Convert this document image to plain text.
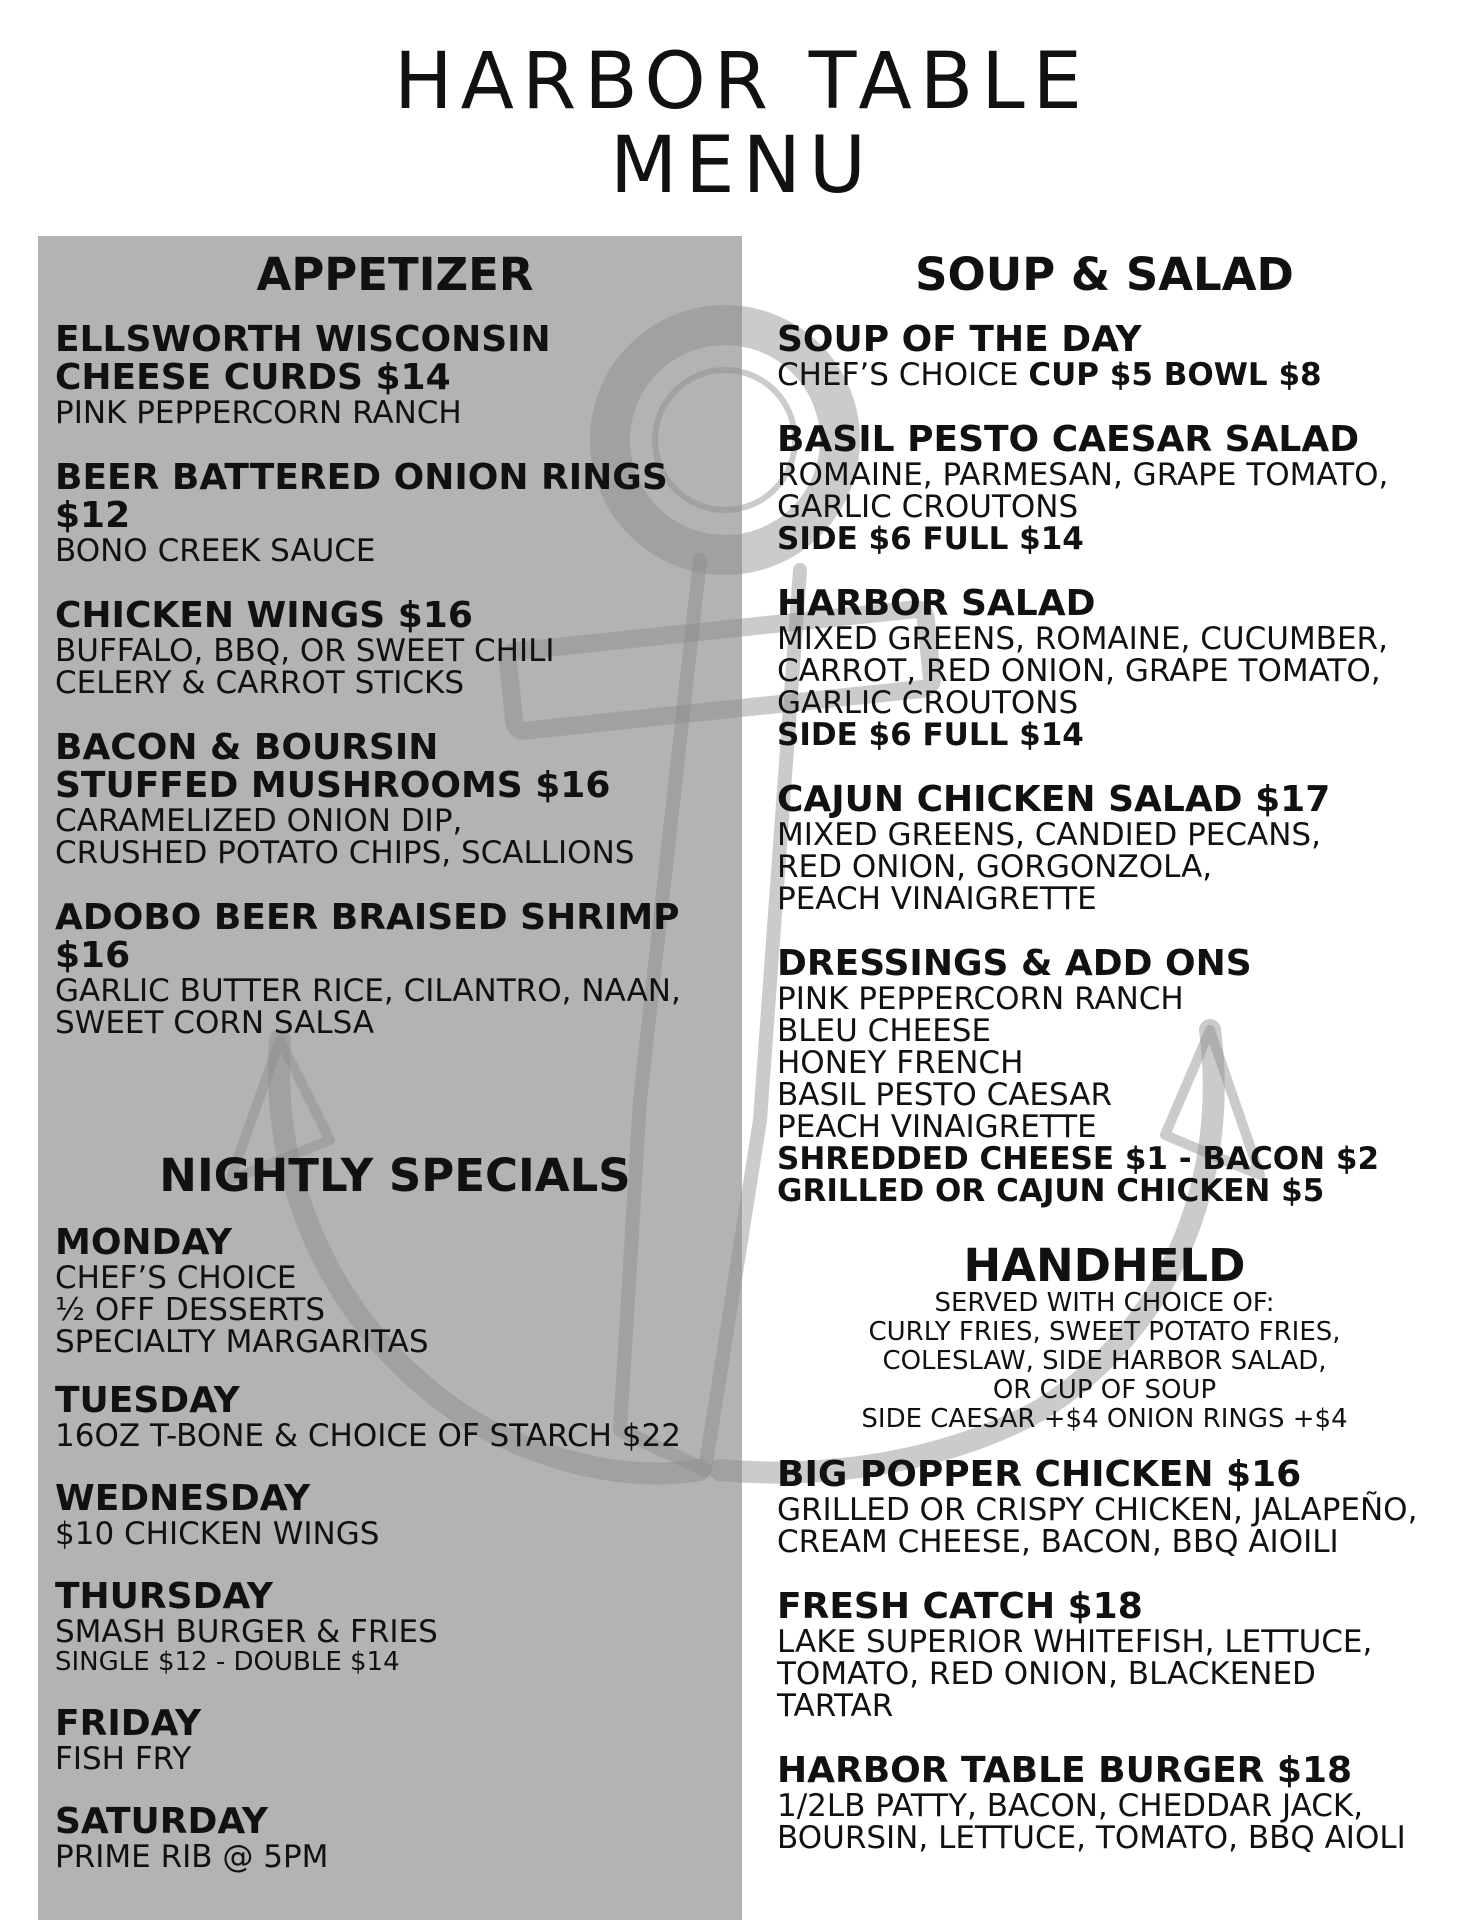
HARBOR TABLE
MENU
APPETIZER
ELLSWORTH WISCONSIN
CHEESE CURDS $14
PINK PEPPERCORN RANCH
BEER BATTERED ONION RINGS $12
BONO CREEK SAUCE
CHICKEN WINGS $16
BUFFALO, BBQ, OR SWEET CHILI
CELERY & CARROT STICKS
BACON & BOURSIN
STUFFED MUSHROOMS $16
CARAMELIZED ONION DIP,
CRUSHED POTATO CHIPS, SCALLIONS
ADOBO BEER BRAISED SHRIMP $16
GARLIC BUTTER RICE, CILANTRO, NAAN,
SWEET CORN SALSA
NIGHTLY SPECIALS
MONDAY
CHEF’S CHOICE
½ OFF DESSERTS
SPECIALTY MARGARITAS
TUESDAY
16OZ T-BONE & CHOICE OF STARCH $22
WEDNESDAY
$10 CHICKEN WINGS
THURSDAY
SMASH BURGER & FRIES
SINGLE $12 - DOUBLE $14
FRIDAY
FISH FRY
SATURDAY
PRIME RIB @ 5PM
SOUP & SALAD
SOUP OF THE DAY
CHEF’S CHOICE CUP $5 BOWL $8
BASIL PESTO CAESAR SALAD
ROMAINE, PARMESAN, GRAPE TOMATO,
GARLIC CROUTONS
SIDE $6 FULL $14
HARBOR SALAD
MIXED GREENS, ROMAINE, CUCUMBER,
CARROT, RED ONION, GRAPE TOMATO,
GARLIC CROUTONS
SIDE $6 FULL $14
CAJUN CHICKEN SALAD $17
MIXED GREENS, CANDIED PECANS,
RED ONION, GORGONZOLA,
PEACH VINAIGRETTE
DRESSINGS & ADD ONS
PINK PEPPERCORN RANCH
BLEU CHEESE
HONEY FRENCH
BASIL PESTO CAESAR
PEACH VINAIGRETTE
SHREDDED CHEESE $1 - BACON $2
GRILLED OR CAJUN CHICKEN $5
HANDHELD
SERVED WITH CHOICE OF:
CURLY FRIES, SWEET POTATO FRIES,
COLESLAW, SIDE HARBOR SALAD,
OR CUP OF SOUP
SIDE CAESAR +$4 ONION RINGS +$4
BIG POPPER CHICKEN $16
GRILLED OR CRISPY CHICKEN, JALAPEÑO,
CREAM CHEESE, BACON, BBQ AIOILI
FRESH CATCH $18
LAKE SUPERIOR WHITEFISH, LETTUCE,
TOMATO, RED ONION, BLACKENED TARTAR
HARBOR TABLE BURGER $18
1/2LB PATTY, BACON, CHEDDAR JACK,
BOURSIN, LETTUCE, TOMATO, BBQ AIOLI
